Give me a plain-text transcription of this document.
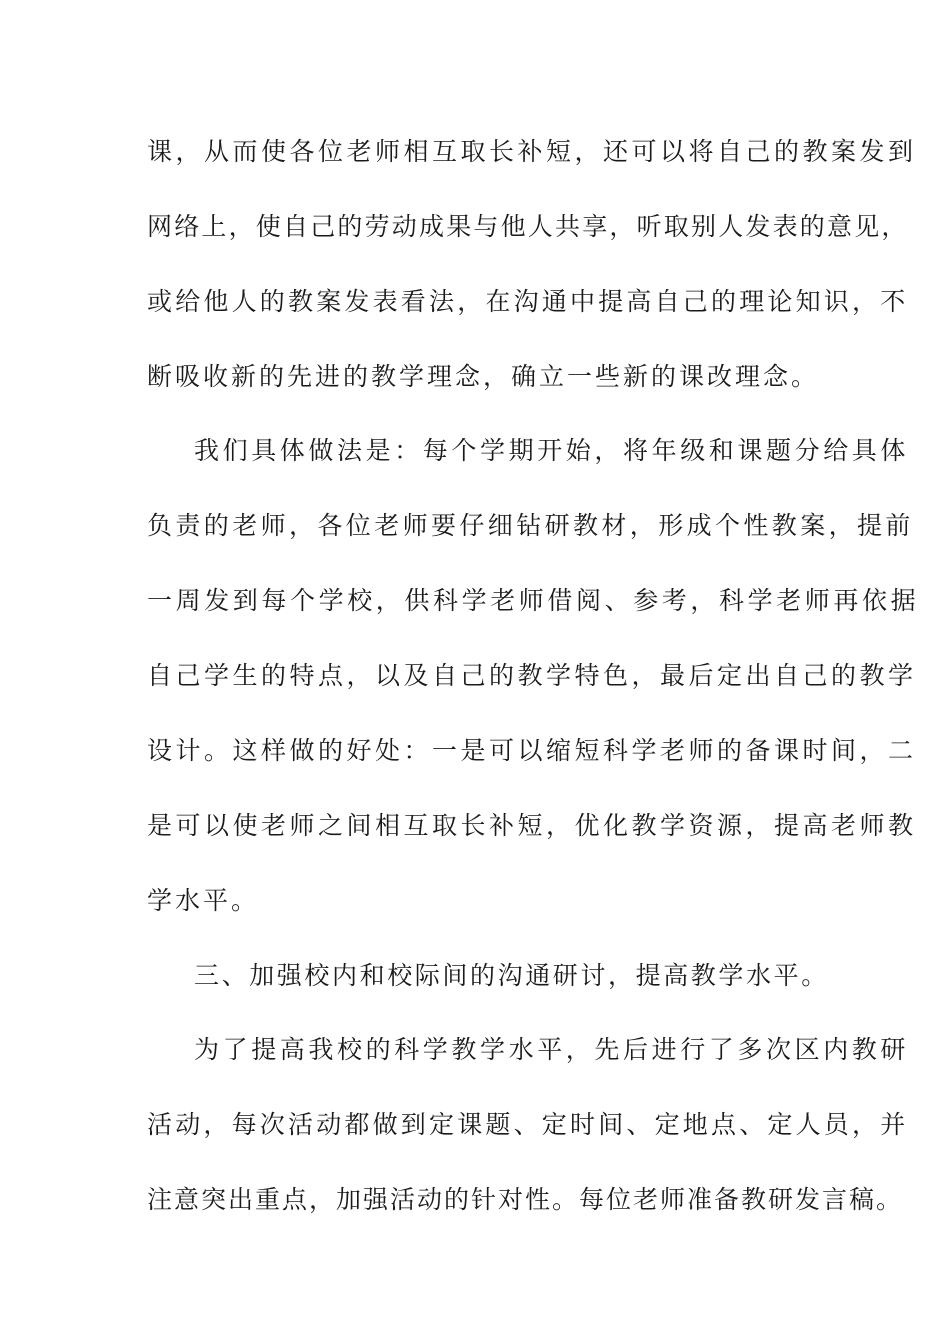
课，从而使各位老师相互取长补短，还可以将自己的教案发到
网络上，使自己的劳动成果与他人共享，听取别人发表的意见，
或给他人的教案发表看法，在沟通中提高自己的理论知识，不
断吸收新的先进的教学理念，确立一些新的课改理念。
我们具体做法是：每个学期开始，将年级和课题分给具体
负责的老师，各位老师要仔细钻研教材，形成个性教案，提前
一周发到每个学校，供科学老师借阅、参考，科学老师再依据
自己学生的特点，以及自己的教学特色，最后定出自己的教学
设计。这样做的好处：一是可以缩短科学老师的备课时间，二
是可以使老师之间相互取长补短，优化教学资源，提高老师教
学水平。
三、加强校内和校际间的沟通研讨，提高教学水平。
为了提高我校的科学教学水平，先后进行了多次区内教研
活动，每次活动都做到定课题、定时间、定地点、定人员，并
注意突出重点，加强活动的针对性。每位老师准备教研发言稿。
